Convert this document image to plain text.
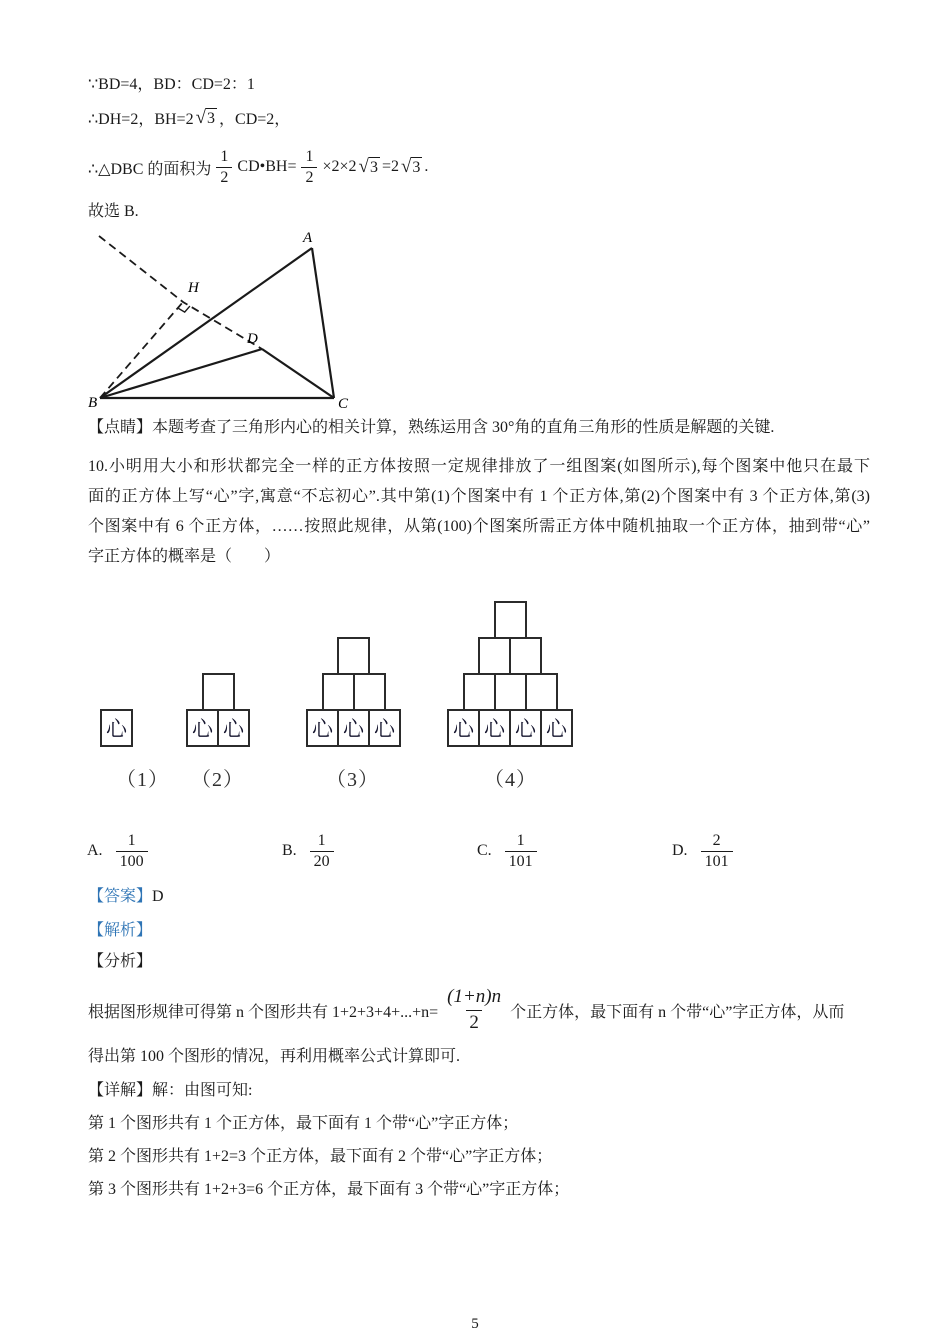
∵BD=4，BD：CD=2：1
∴DH=2，BH=2 √ 3 ，CD=2，
∴△DBC 的面积为 $\frac{1}{2}$ CD•BH= $\frac{1}{2} \times 2\times 2$ √ 3 =2 √ 3 .
故选 B.
A
B	C
D
H
【点睛】本题考查了三角形内心的相关计算，熟练运用含 30°角的直角三角形的性质是解题的关键.
10.小明用大小和形状都完全一样的正方体按照一定规律排放了一组图案(如图所示),每个图案中他只在最下
面的正方体上写“心”字,寓意“不忘初心”.其中第(1)个图案中有 1 个正方体,第(2)个图案中有 3 个正方体,第(3)
个图案中有 6 个正方体，……按照此规律，从第(100)个图案所需正方体中随机抽取一个正方体，抽到带“心”
字正方体的概率是（　　）
心	心 心	心 心 心	心 心 心 心
（1） （2）	（3）	（4）
A. $\frac{1}{100}$	B. $\frac{1}{20}$	C. $\frac{1}{101}$	D. $\frac{2}{101}$
【答案】D
【解析】
【分析】
根据图形规律可得第 n 个图形共有 $1+2+3+4+...+n= \frac{(1+n)n}{2}$ 个正方体，最下面有 n 个带“心”字正方体，从而
得出第 100 个图形的情况，再利用概率公式计算即可.
【详解】解：由图可知:
第 1 个图形共有 1 个正方体，最下面有 1 个带“心”字正方体；
第 2 个图形共有 1+2=3 个正方体，最下面有 2 个带“心”字正方体；
第 3 个图形共有 1+2+3=6 个正方体，最下面有 3 个带“心”字正方体；
5
